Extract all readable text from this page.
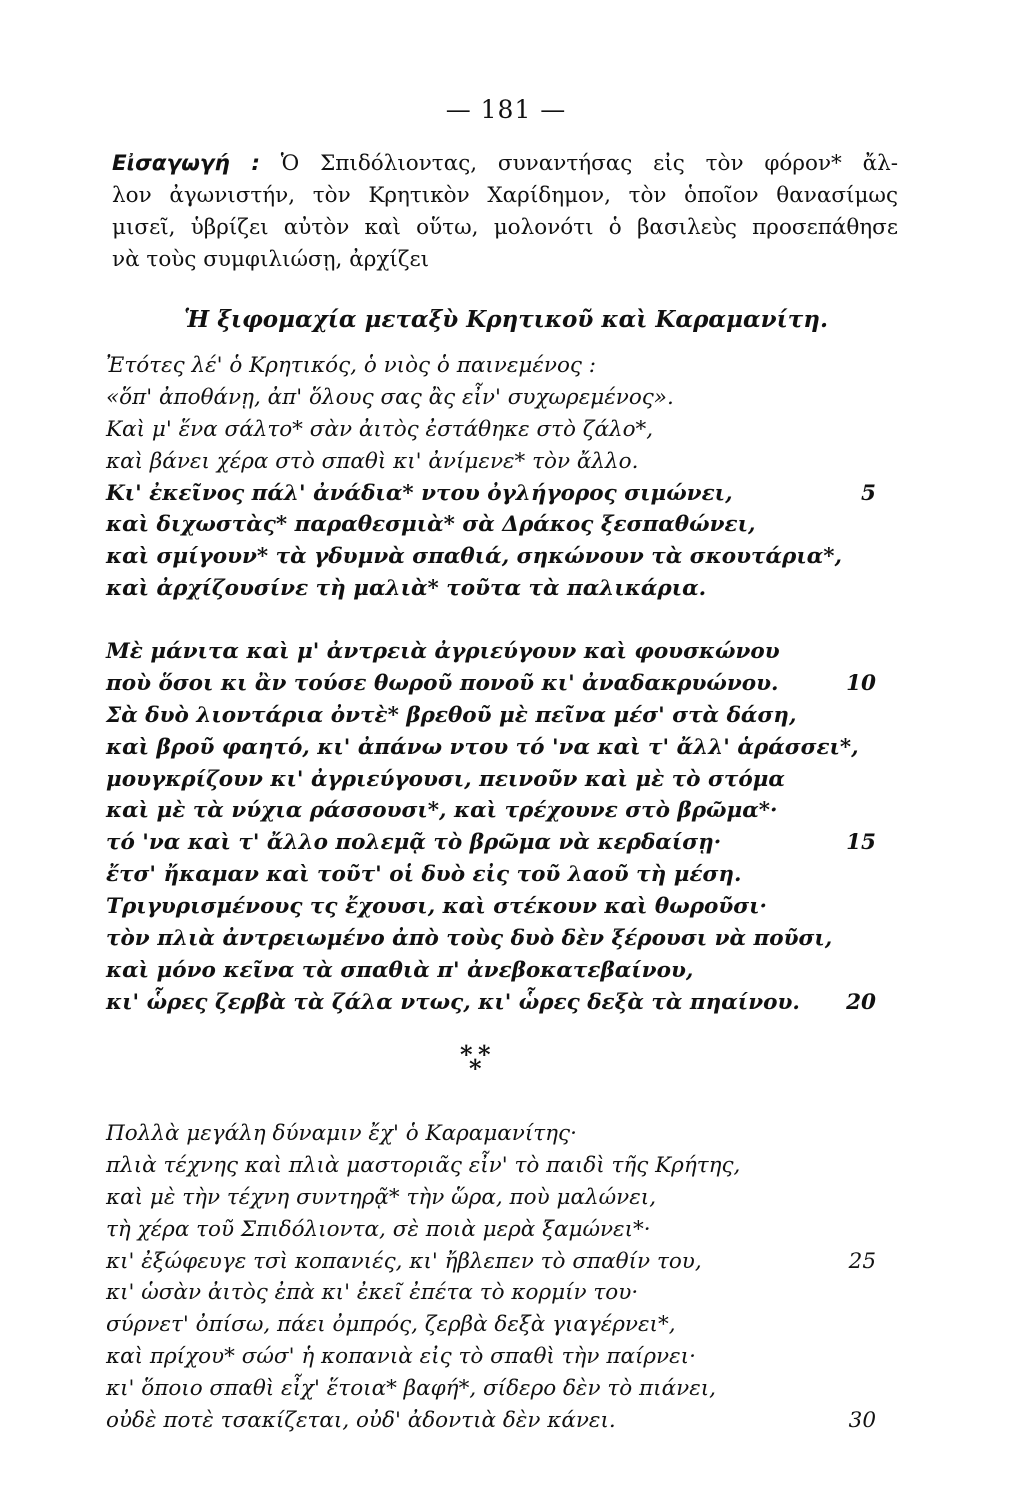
— 181 —
Εἰσαγωγή : Ὁ Σπιδόλιοντας, συναντήσας εἰς τὸν φόρον* ἄλ-
λον ἀγωνιστήν, τὸν Κρητικὸν Χαρίδημον, τὸν ὁποῖον θανασίμως
μισεῖ, ὑβρίζει αὐτὸν καὶ οὕτω, μολονότι ὁ βασιλεὺς προσεπάθησε
νὰ τοὺς συμφιλιώσῃ, ἀρχίζει
Ἡ ξιφομαχία μεταξὺ Κρητικοῦ καὶ Καραμανίτη.
Ἐτότες λέ' ὁ Κρητικός, ὁ νιὸς ὁ παινεμένος :
«ὅπ' ἀποθάνῃ, ἀπ' ὅλους σας ἂς εἶν' συχωρεμένος».
Καὶ μ' ἕνα σάλτο* σὰν ἀιτὸς ἐστάθηκε στὸ ζάλο*,
καὶ βάνει χέρα στὸ σπαθὶ κι' ἀνίμενε* τὸν ἄλλο.
Κι' ἐκεῖνος πάλ' ἀνάδια* ντου ὀγλήγορος σιμώνει,	5
καὶ διχωστὰς* παραθεσμιὰ* σὰ Δράκος ξεσπαθώνει,
καὶ σμίγουν* τὰ γδυμνὰ σπαθιά, σηκώνουν τὰ σκουτάρια*,
καὶ ἀρχίζουσίνε τὴ μαλιὰ* τοῦτα τὰ παλικάρια.
Μὲ μάνιτα καὶ μ' ἀντρειὰ ἀγριεύγουν καὶ φουσκώνου
ποὺ ὅσοι κι ἂν τούσε θωροῦ πονοῦ κι' ἀναδακρυώνου.	10
Σὰ δυὸ λιοντάρια ὀντὲ* βρεθοῦ μὲ πεῖνα μέσ' στὰ δάση,
καὶ βροῦ φαητό, κι' ἀπάνω ντου τό 'να καὶ τ' ἄλλ' ἁράσσει*,
μουγκρίζουν κι' ἀγριεύγουσι, πεινοῦν καὶ μὲ τὸ στόμα
καὶ μὲ τὰ νύχια ράσσουσι*, καὶ τρέχουνε στὸ βρῶμα*·
τό 'να καὶ τ' ἄλλο πολεμᾷ τὸ βρῶμα νὰ κερδαίσῃ·	15
ἔτσ' ἤκαμαν καὶ τοῦτ' οἱ δυὸ εἰς τοῦ λαοῦ τὴ μέση.
Τριγυρισμένους τς ἔχουσι, καὶ στέκουν καὶ θωροῦσι·
τὸν πλιὰ ἀντρειωμένο ἀπὸ τοὺς δυὸ δὲν ξέρουσι νὰ ποῦσι,
καὶ μόνο κεῖνα τὰ σπαθιὰ π' ἀνεβοκατεβαίνου,
κι' ὧρες ζερβὰ τὰ ζάλα ντως, κι' ὧρες δεξὰ τὰ πηαίνου. 20
* *
*
Πολλὰ μεγάλη δύναμιν ἔχ' ὁ Καραμανίτης·
πλιὰ τέχνης καὶ πλιὰ μαστοριᾶς εἶν' τὸ παιδὶ τῆς Κρήτης,
καὶ μὲ τὴν τέχνη συντηρᾷ* τὴν ὥρα, ποὺ μαλώνει,
τὴ χέρα τοῦ Σπιδόλιοντα, σὲ ποιὰ μερὰ ξαμώνει*·
κι' ἐξώφευγε τσὶ κοπανιές, κι' ἤβλεπεν τὸ σπαθίν του,	25
κι' ὡσὰν ἀιτὸς ἐπὰ κι' ἐκεῖ ἐπέτα τὸ κορμίν του·
σύρνετ' ὀπίσω, πάει ὀμπρός, ζερβὰ δεξὰ γιαγέρνει*,
καὶ πρίχου* σώσ' ἡ κοπανιὰ εἰς τὸ σπαθὶ τὴν παίρνει·
κι' ὅποιο σπαθὶ εἶχ' ἕτοια* βαφή*, σίδερο δὲν τὸ πιάνει,
οὐδὲ ποτὲ τσακίζεται, οὐδ' ἀδοντιὰ δὲν κάνει.	30
